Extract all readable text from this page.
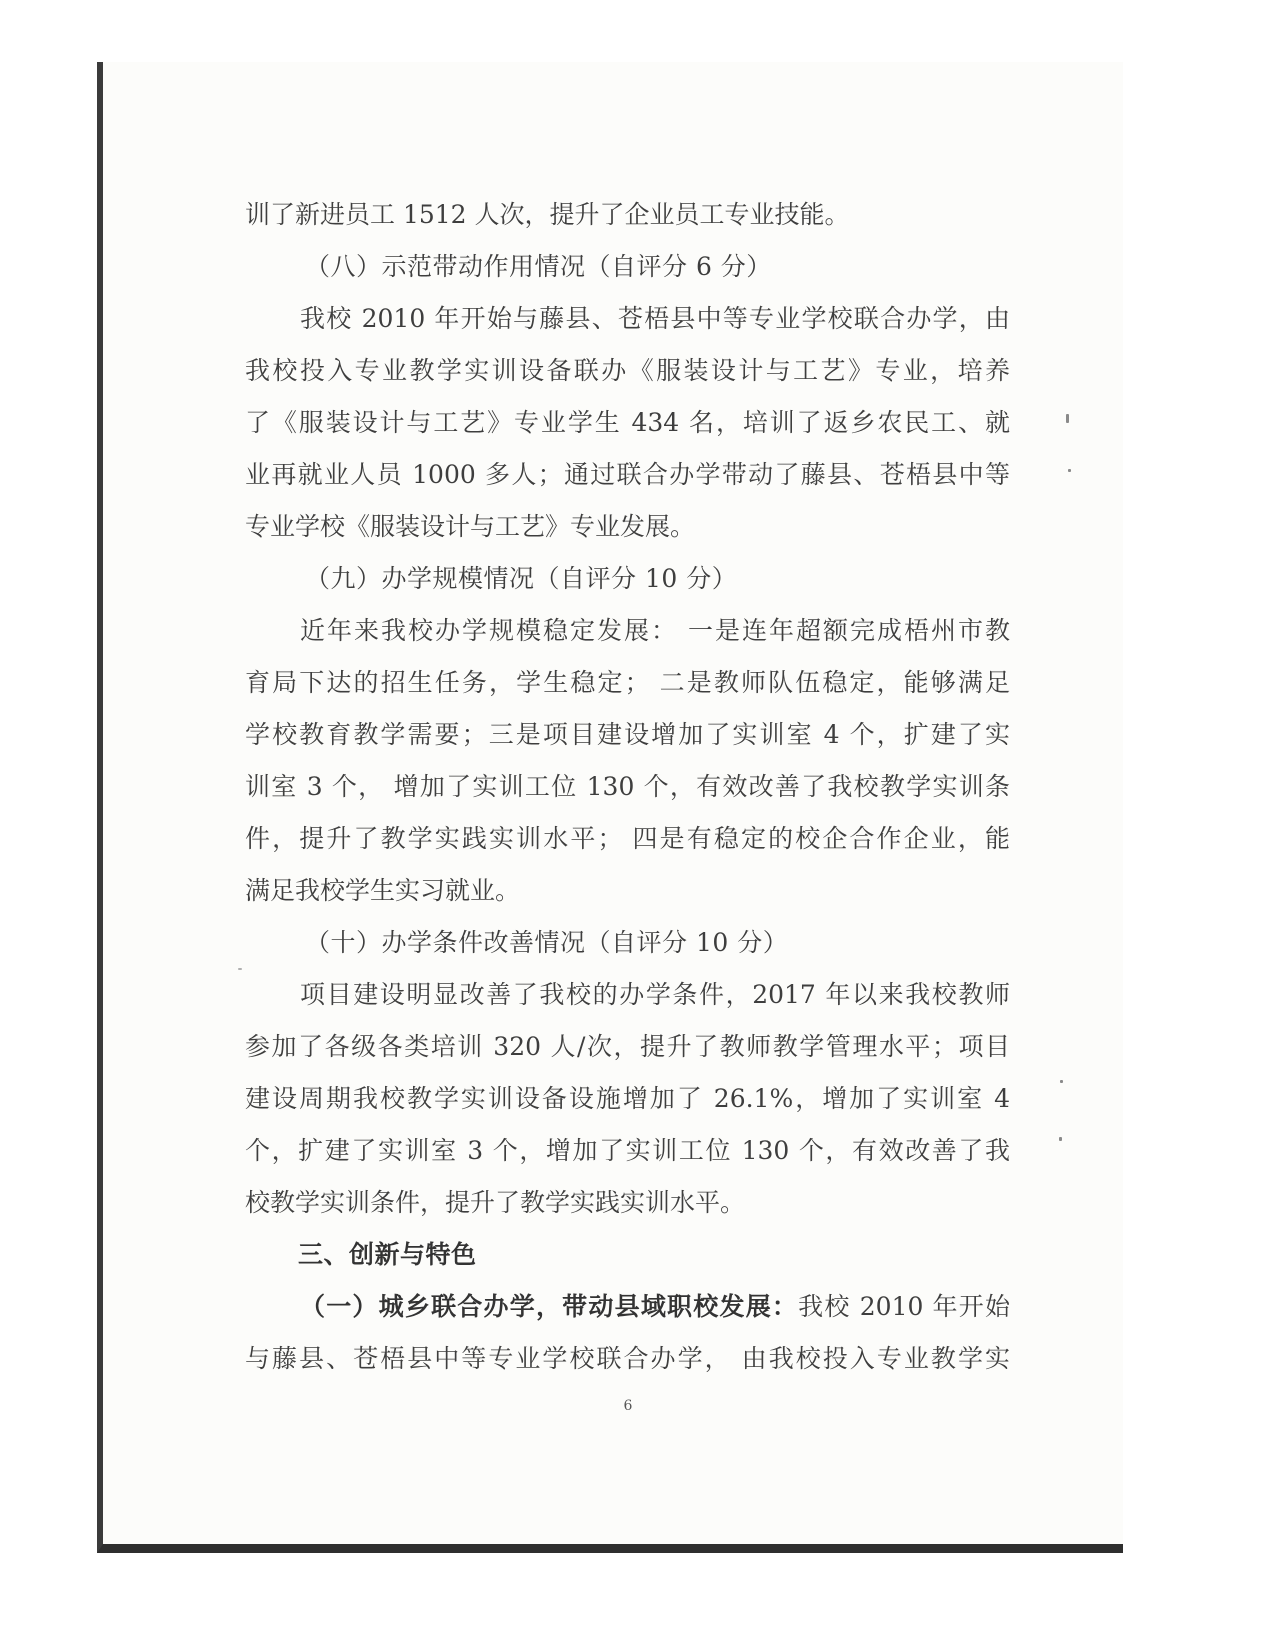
训了新进员工 1512 人次，提升了企业员工专业技能。
（八）示范带动作用情况（自评分 6 分）
我校 2010 年开始与藤县、苍梧县中等专业学校联合办学，由
我校投入专业教学实训设备联办《服装设计与工艺》专业，培养
了《服装设计与工艺》专业学生 434 名，培训了返乡农民工、就
业再就业人员 1000 多人；通过联合办学带动了藤县、苍梧县中等
专业学校《服装设计与工艺》专业发展。
（九）办学规模情况（自评分 10 分）
近年来我校办学规模稳定发展： 一是连年超额完成梧州市教
育局下达的招生任务，学生稳定； 二是教师队伍稳定，能够满足
学校教育教学需要；三是项目建设增加了实训室 4 个，扩建了实
训室 3 个， 增加了实训工位 130 个，有效改善了我校教学实训条
件，提升了教学实践实训水平； 四是有稳定的校企合作企业，能
满足我校学生实习就业。
（十）办学条件改善情况（自评分 10 分）
项目建设明显改善了我校的办学条件，2017 年以来我校教师
参加了各级各类培训 320 人/次，提升了教师教学管理水平；项目
建设周期我校教学实训设备设施增加了 26.1%，增加了实训室 4
个，扩建了实训室 3 个，增加了实训工位 130 个，有效改善了我
校教学实训条件，提升了教学实践实训水平。
三、创新与特色
（一）城乡联合办学，带动县域职校发展：我校 2010 年开始
与藤县、苍梧县中等专业学校联合办学， 由我校投入专业教学实
6
